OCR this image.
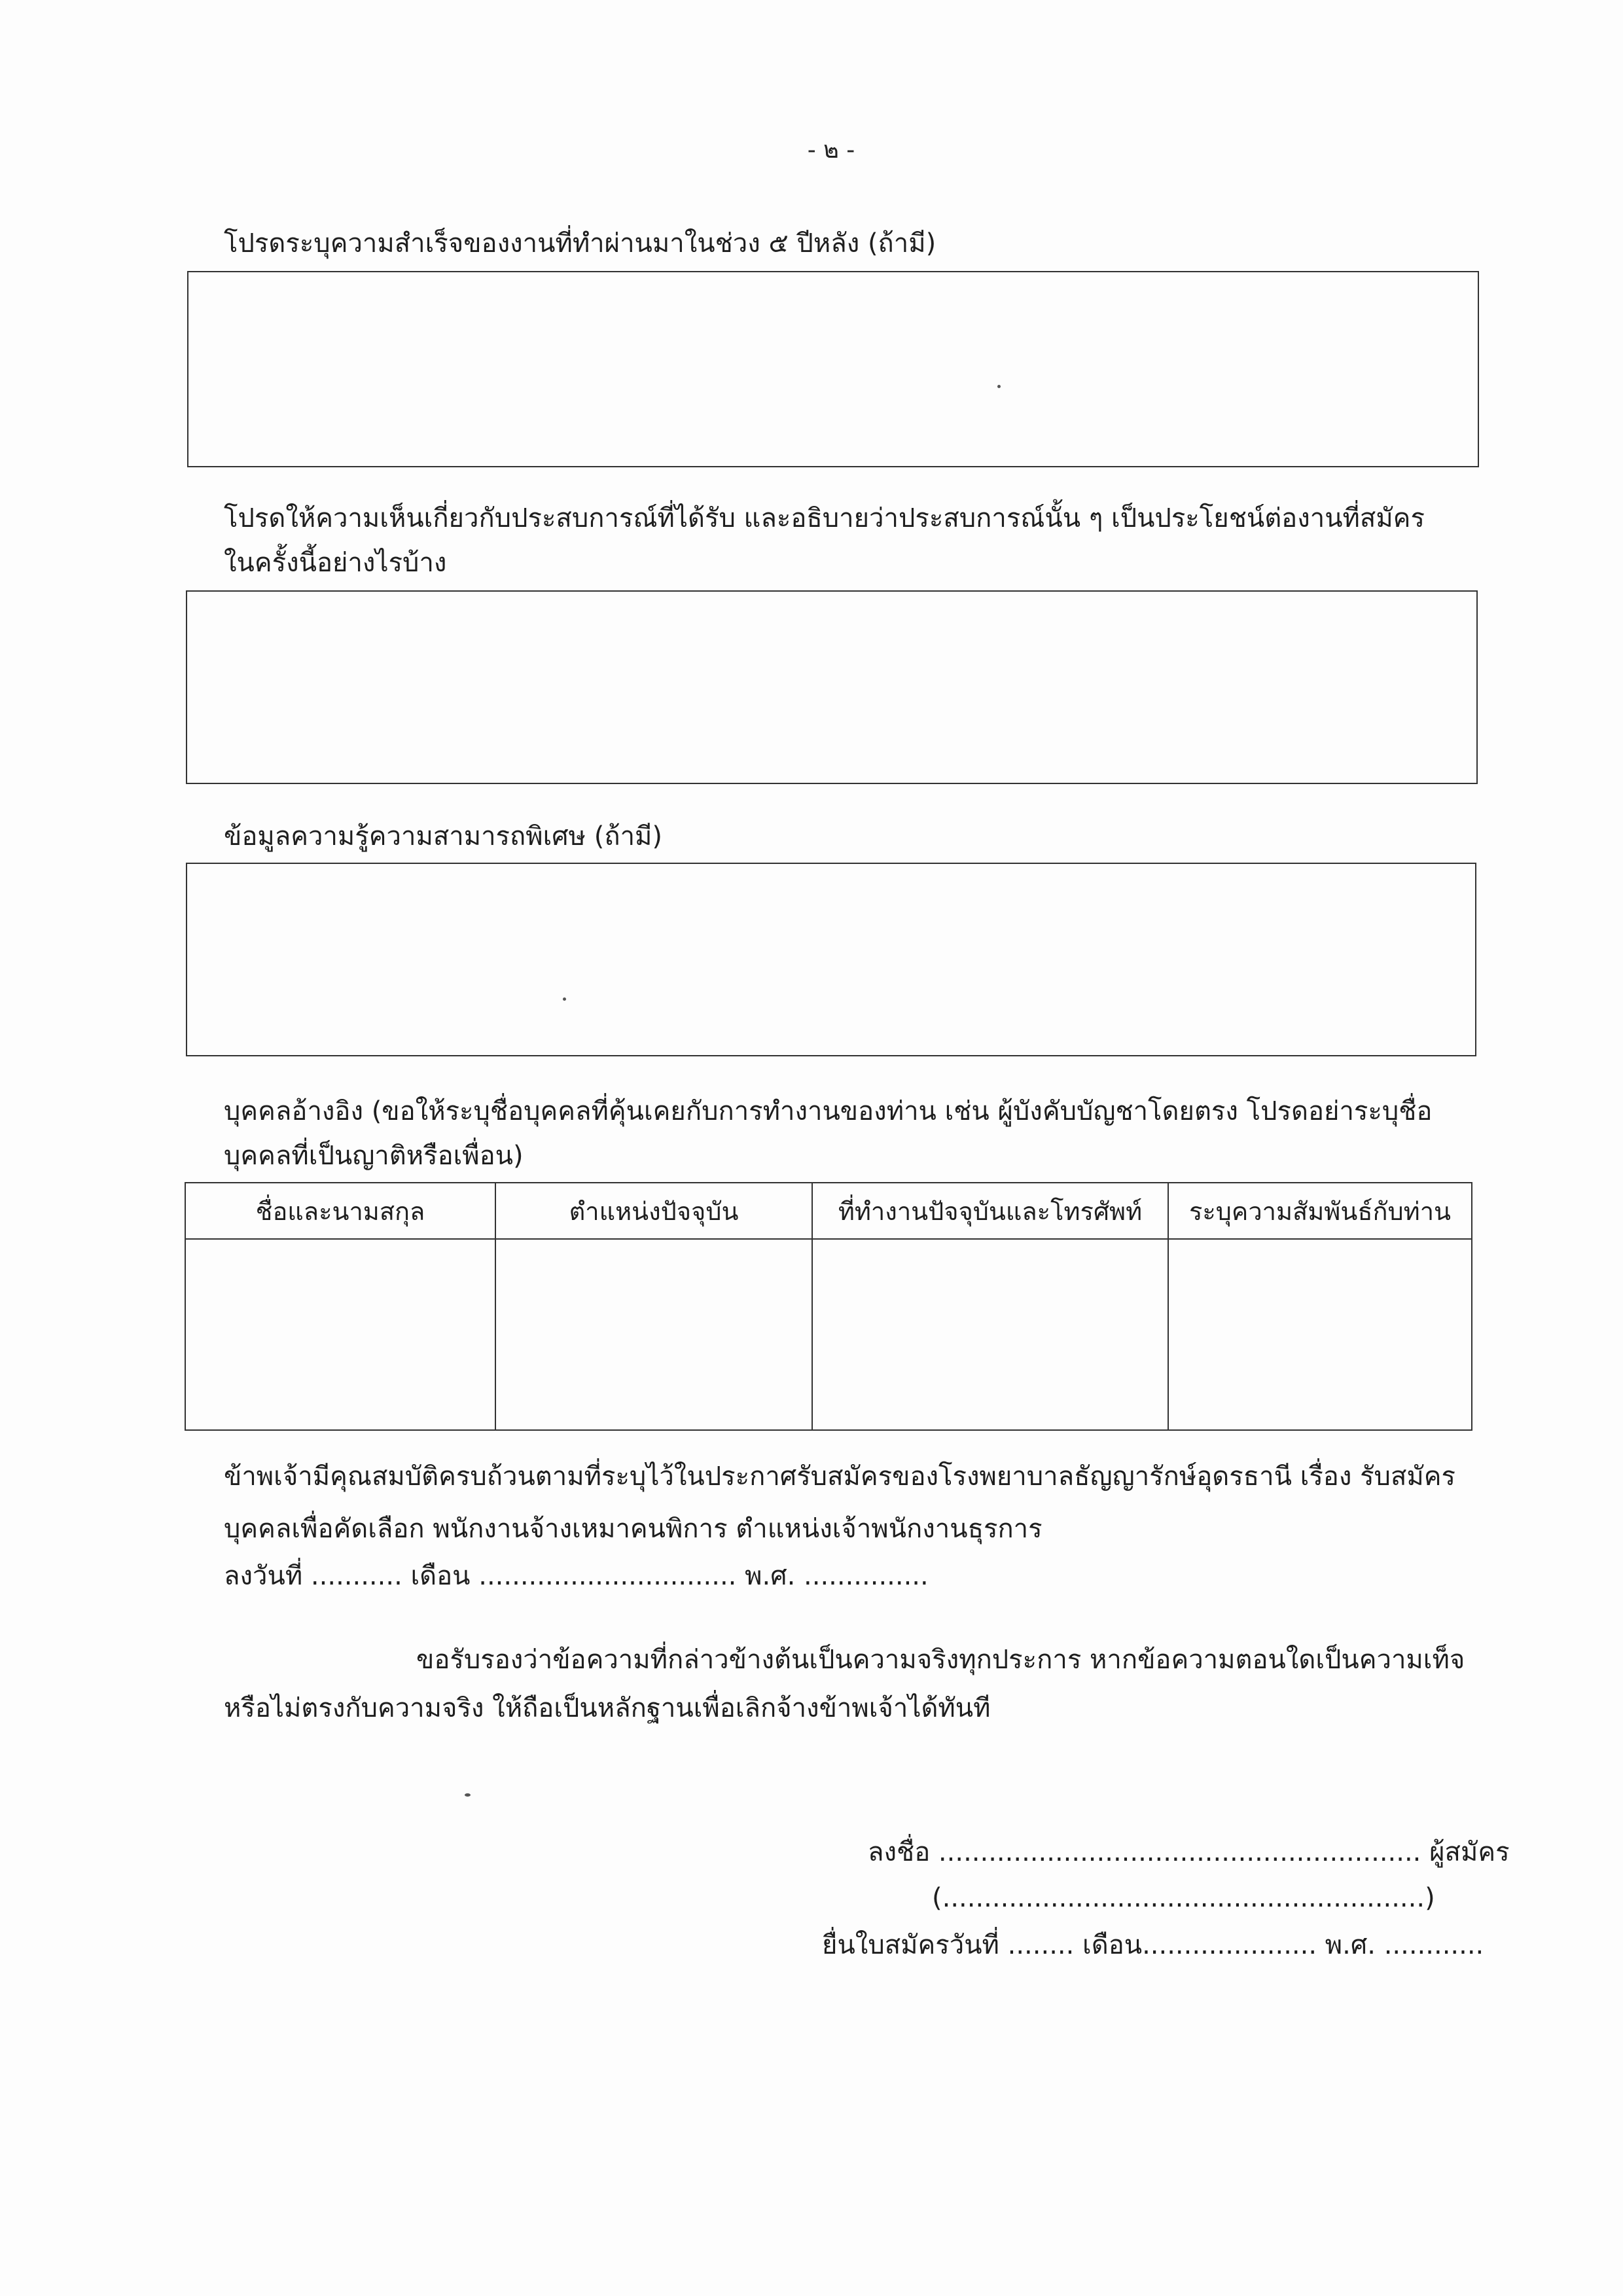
- ๒ -
โปรดระบุความสำเร็จของงานที่ทำผ่านมาในช่วง ๕ ปีหลัง (ถ้ามี)
โปรดให้ความเห็นเกี่ยวกับประสบการณ์ที่ได้รับ และอธิบายว่าประสบการณ์นั้น ๆ เป็นประโยชน์ต่องานที่สมัคร
ในครั้งนี้อย่างไรบ้าง
ข้อมูลความรู้ความสามารถพิเศษ (ถ้ามี)
บุคคลอ้างอิง (ขอให้ระบุชื่อบุคคลที่คุ้นเคยกับการทำงานของท่าน เช่น ผู้บังคับบัญชาโดยตรง โปรดอย่าระบุชื่อ
บุคคลที่เป็นญาติหรือเพื่อน)
ชื่อและนามสกุล	ตำแหน่งปัจจุบัน	ที่ทำงานปัจจุบันและโทรศัพท์	ระบุความสัมพันธ์กับท่าน

ข้าพเจ้ามีคุณสมบัติครบถ้วนตามที่ระบุไว้ในประกาศรับสมัครของโรงพยาบาลธัญญารักษ์อุดรธานี เรื่อง รับสมัคร
บุคคลเพื่อคัดเลือก พนักงานจ้างเหมาคนพิการ ตำแหน่งเจ้าพนักงานธุรการ
ลงวันที่ ........... เดือน ............................... พ.ศ. ...............
ขอรับรองว่าข้อความที่กล่าวข้างต้นเป็นความจริงทุกประการ หากข้อความตอนใดเป็นความเท็จ
หรือไม่ตรงกับความจริง ให้ถือเป็นหลักฐานเพื่อเลิกจ้างข้าพเจ้าได้ทันที
ลงชื่อ .......................................................... ผู้สมัคร
(..........................................................)
ยื่นใบสมัครวันที่ ........ เดือน..................... พ.ศ. ............
